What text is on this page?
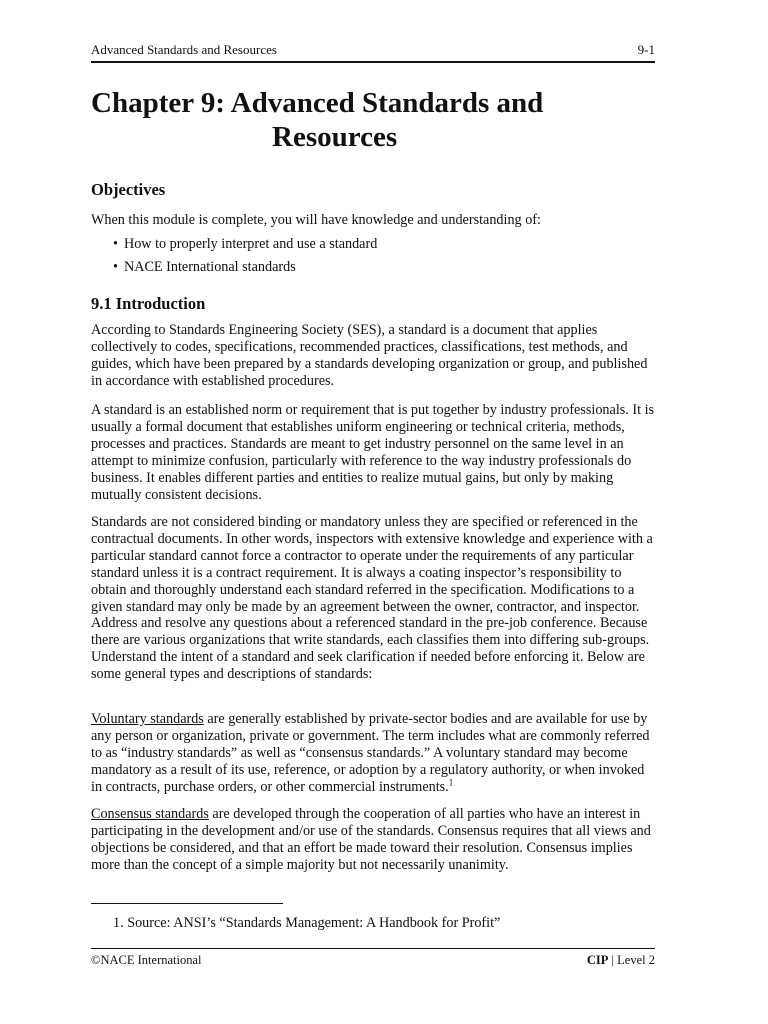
Advanced Standards and Resources	9-1
Chapter 9: Advanced Standards and
Resources
Objectives

When this module is complete, you will have knowledge and understanding of:

• How to properly interpret and use a standard
• NACE International standards
9.1 Introduction

According to Standards Engineering Society (SES), a standard is a document that applies collectively to codes, specifications, recommended practices, classifications, test methods, and guides, which have been prepared by a standards developing organization or group, and published in accordance with established procedures.

A standard is an established norm or requirement that is put together by industry professionals. It is usually a formal document that establishes uniform engineering or technical criteria, methods, processes and practices. Standards are meant to get industry personnel on the same level in an attempt to minimize confusion, particularly with reference to the way industry professionals do business. It enables different parties and entities to realize mutual gains, but only by making mutually consistent decisions.

Standards are not considered binding or mandatory unless they are specified or referenced in the contractual documents. In other words, inspectors with extensive knowledge and experience with a particular standard cannot force a contractor to operate under the requirements of any particular standard unless it is a contract requirement. It is always a coating inspector’s responsibility to obtain and thoroughly understand each standard referred in the specification. Modifications to a given standard may only be made by an agreement between the owner, contractor, and inspector. Address and resolve any questions about a referenced standard in the pre-job conference. Because there are various organizations that write standards, each classifies them into differing sub-groups. Understand the intent of a standard and seek clarification if needed before enforcing it. Below are some general types and descriptions of standards:

Voluntary standards are generally established by private-sector bodies and are available for use by any person or organization, private or government. The term includes what are commonly referred to as “industry standards” as well as “consensus standards.” A voluntary standard may become mandatory as a result of its use, reference, or adoption by a regulatory authority, or when invoked in contracts, purchase orders, or other commercial instruments.$^1$

Consensus standards are developed through the cooperation of all parties who have an interest in participating in the development and/or use of the standards. Consensus requires that all views and objections be considered, and that an effort be made toward their resolution. Consensus implies more than the concept of a simple majority but not necessarily unanimity.

1. Source: ANSI’s “Standards Management: A Handbook for Profit”
©NACE International	CIP | Level 2
